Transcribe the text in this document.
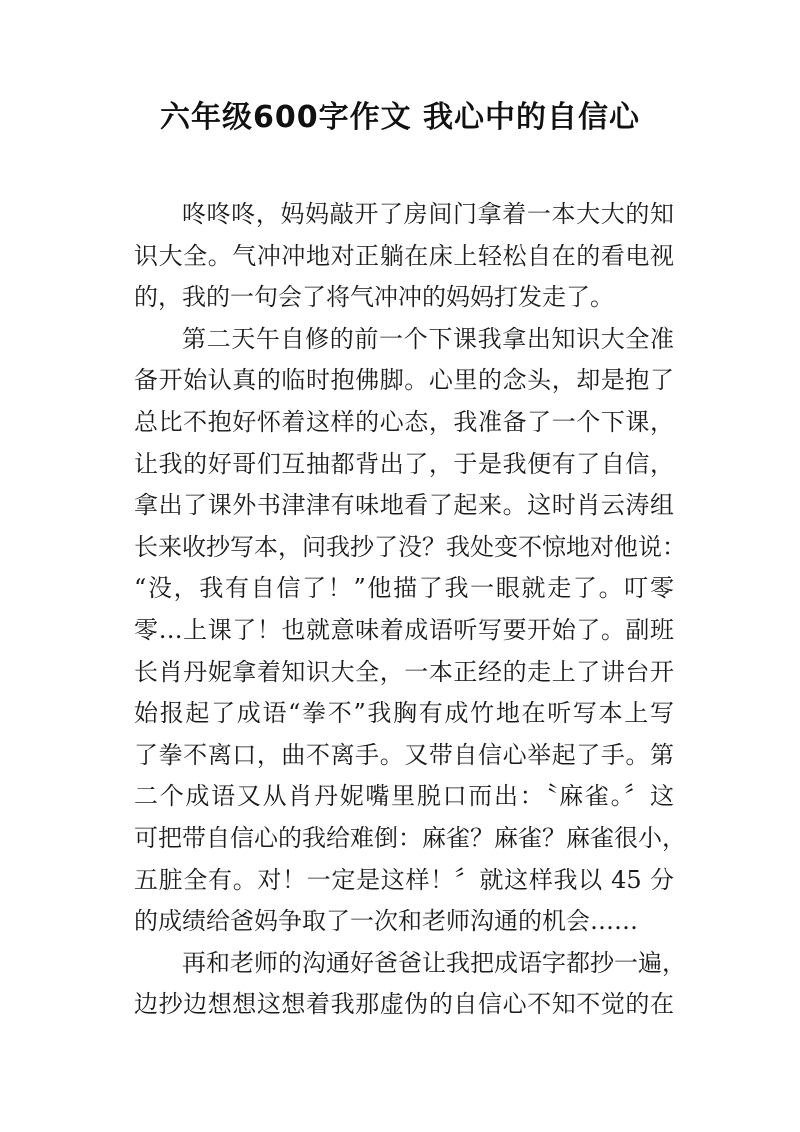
六年级600字作文 我心中的自信心
咚咚咚，妈妈敲开了房间门拿着一本大大的知
识大全。气冲冲地对正躺在床上轻松自在的看电视
的，我的一句会了将气冲冲的妈妈打发走了。
第二天午自修的前一个下课我拿出知识大全准
备开始认真的临时抱佛脚。心里的念头，却是抱了
总比不抱好怀着这样的心态，我准备了一个下课，
让我的好哥们互抽都背出了，于是我便有了自信，
拿出了课外书津津有味地看了起来。这时肖云涛组
长来收抄写本，问我抄了没？我处变不惊地对他说：
“没，我有自信了！”他描了我一眼就走了。叮零
零…上课了！也就意味着成语听写要开始了。副班
长肖丹妮拿着知识大全，一本正经的走上了讲台开
始报起了成语“拳不”我胸有成竹地在听写本上写
了拳不离口，曲不离手。又带自信心举起了手。第
二个成语又从肖丹妮嘴里脱口而出：〝麻雀。〞这
可把带自信心的我给难倒：麻雀？麻雀？麻雀很小，
五脏全有。对！一定是这样！〞就这样我以 45 分
的成绩给爸妈争取了一次和老师沟通的机会……
再和老师的沟通好爸爸让我把成语字都抄一遍，
边抄边想想这想着我那虚伪的自信心不知不觉的在
